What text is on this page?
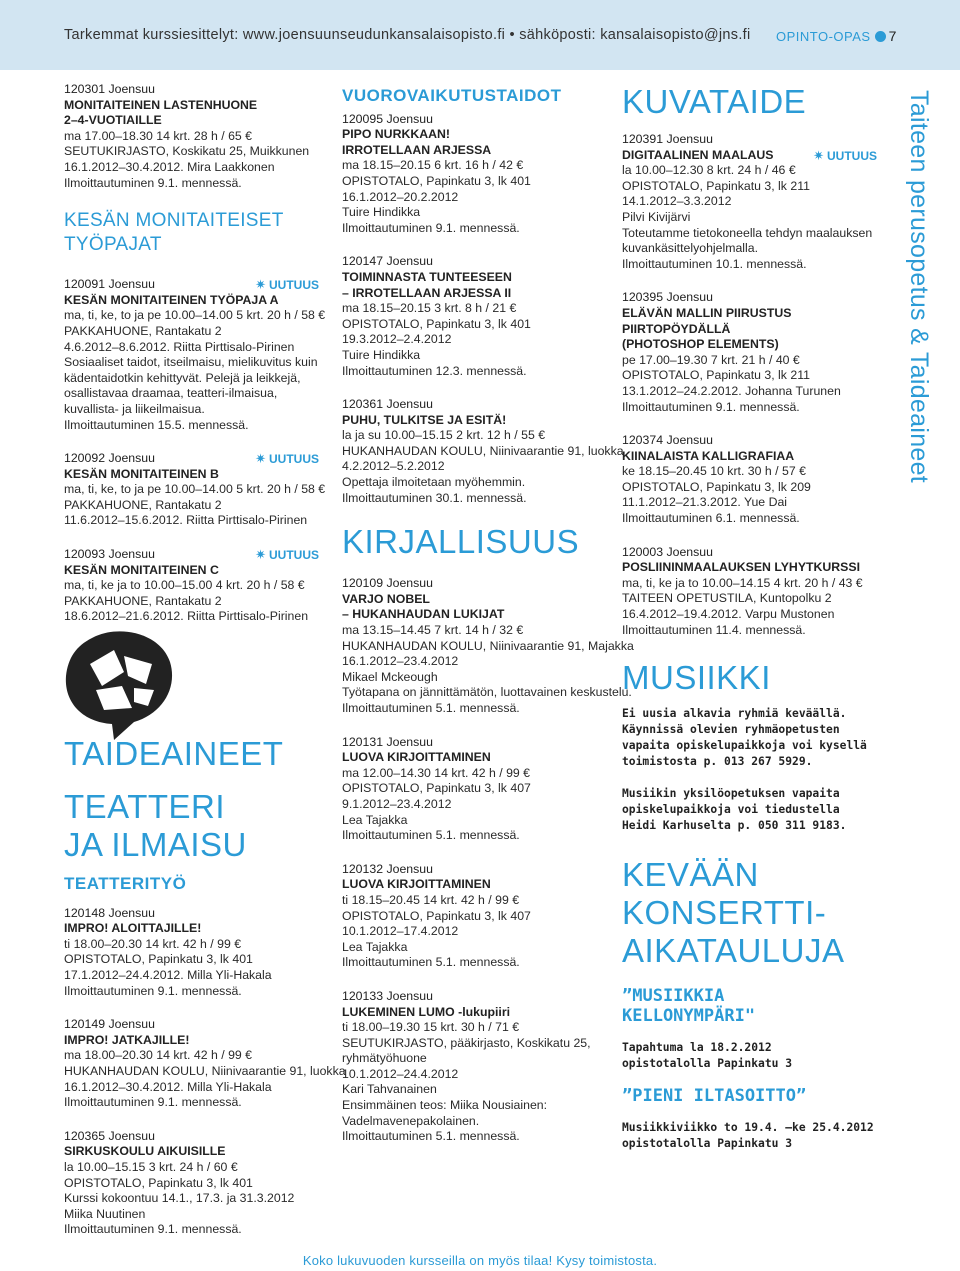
Tarkemmat kurssiesittelyt: www.joensuunseudunkansalaisopisto.fi • sähköposti: kansalaisopisto@jns.fi OPINTO-OPAS 7
120301 Joensuu
MONITAITEINEN LASTENHUONE
2–4-VUOTIAILLE
ma 17.00–18.30 14 krt. 28 h / 65 €
SEUTUKIRJASTO, Koskikatu 25, Muikkunen
16.1.2012–30.4.2012. Mira Laakkonen
Ilmoittautuminen 9.1. mennessä.
KESÄN MONITAITEISET TYÖPAJAT
120091 Joensuu	✷ UUTUUS
KESÄN MONITAITEINEN TYÖPAJA A
ma, ti, ke, to ja pe 10.00–14.00 5 krt. 20 h / 58 €
PAKKAHUONE, Rantakatu 2
4.6.2012–8.6.2012. Riitta Pirttisalo-Pirinen
Sosiaaliset taidot, itseilmaisu, mielikuvitus kuin kädentaidotkin kehittyvät. Pelejä ja leikkejä, osallistavaa draamaa, teatteri-ilmaisua, kuvallista- ja liikeilmaisua.
Ilmoittautuminen 15.5. mennessä.
120092 Joensuu	✷ UUTUUS
KESÄN MONITAITEINEN B
ma, ti, ke, to ja pe 10.00–14.00 5 krt. 20 h / 58 €
PAKKAHUONE, Rantakatu 2
11.6.2012–15.6.2012. Riitta Pirttisalo-Pirinen
120093 Joensuu	✷ UUTUUS
KESÄN MONITAITEINEN C
ma, ti, ke ja to 10.00–15.00 4 krt. 20 h / 58 €
PAKKAHUONE, Rantakatu 2
18.6.2012–21.6.2012. Riitta Pirttisalo-Pirinen
TAIDEAINEET
TEATTERI
JA ILMAISU
TEATTERITYÖ
120148 Joensuu
IMPRO! ALOITTAJILLE!
ti 18.00–20.30 14 krt. 42 h / 99 €
OPISTOTALO, Papinkatu 3, lk 401
17.1.2012–24.4.2012. Milla Yli-Hakala
Ilmoittautuminen 9.1. mennessä.
120149 Joensuu
IMPRO! JATKAJILLE!
ma 18.00–20.30 14 krt. 42 h / 99 €
HUKANHAUDAN KOULU, Niinivaarantie 91, luokka
16.1.2012–30.4.2012. Milla Yli-Hakala
Ilmoittautuminen 9.1. mennessä.
120365 Joensuu
SIRKUSKOULU AIKUISILLE
la 10.00–15.15 3 krt. 24 h / 60 €
OPISTOTALO, Papinkatu 3, lk 401
Kurssi kokoontuu 14.1., 17.3. ja 31.3.2012
Miika Nuutinen
Ilmoittautuminen 9.1. mennessä.
VUOROVAIKUTUSTAIDOT
120095 Joensuu
PIPO NURKKAAN!
IRROTELLAAN ARJESSA
ma 18.15–20.15 6 krt. 16 h / 42 €
OPISTOTALO, Papinkatu 3, lk 401
16.1.2012–20.2.2012
Tuire Hindikka
Ilmoittautuminen 9.1. mennessä.
120147 Joensuu
TOIMINNASTA TUNTEESEEN
– IRROTELLAAN ARJESSA II
ma 18.15–20.15 3 krt. 8 h / 21 €
OPISTOTALO, Papinkatu 3, lk 401
19.3.2012–2.4.2012
Tuire Hindikka
Ilmoittautuminen 12.3. mennessä.
120361 Joensuu
PUHU, TULKITSE JA ESITÄ!
la ja su 10.00–15.15 2 krt. 12 h / 55 €
HUKANHAUDAN KOULU, Niinivaarantie 91, luokka
4.2.2012–5.2.2012
Opettaja ilmoitetaan myöhemmin.
Ilmoittautuminen 30.1. mennessä.
KIRJALLISUUS
120109 Joensuu
VARJO NOBEL
– HUKANHAUDAN LUKIJAT
ma 13.15–14.45 7 krt. 14 h / 32 €
HUKANHAUDAN KOULU, Niinivaarantie 91, Majakka
16.1.2012–23.4.2012
Mikael Mckeough
Työtapana on jännittämätön, luottavainen keskustelu.
Ilmoittautuminen 5.1. mennessä.
120131 Joensuu
LUOVA KIRJOITTAMINEN
ma 12.00–14.30 14 krt. 42 h / 99 €
OPISTOTALO, Papinkatu 3, lk 407
9.1.2012–23.4.2012
Lea Tajakka
Ilmoittautuminen 5.1. mennessä.
120132 Joensuu
LUOVA KIRJOITTAMINEN
ti 18.15–20.45 14 krt. 42 h / 99 €
OPISTOTALO, Papinkatu 3, lk 407
10.1.2012–17.4.2012
Lea Tajakka
Ilmoittautuminen 5.1. mennessä.
120133 Joensuu
LUKEMINEN LUMO -lukupiiri
ti 18.00–19.30 15 krt. 30 h / 71 €
SEUTUKIRJASTO, pääkirjasto, Koskikatu 25,
ryhmätyöhuone
10.1.2012–24.4.2012
Kari Tahvanainen
Ensimmäinen teos: Miika Nousiainen:
Vadelmavenepakolainen.
Ilmoittautuminen 5.1. mennessä.
KUVATAIDE
120391 Joensuu
DIGITAALINEN MAALAUS	✷ UUTUUS
la 10.00–12.30 8 krt. 24 h / 46 €
OPISTOTALO, Papinkatu 3, lk 211
14.1.2012–3.3.2012
Pilvi Kivijärvi
Toteutamme tietokoneella tehdyn maalauksen kuvankäsittelyohjelmalla.
Ilmoittautuminen 10.1. mennessä.
120395 Joensuu
ELÄVÄN MALLIN PIIRUSTUS
PIIRTOPÖYDÄLLÄ
(PHOTOSHOP ELEMENTS)
pe 17.00–19.30 7 krt. 21 h / 40 €
OPISTOTALO, Papinkatu 3, lk 211
13.1.2012–24.2.2012. Johanna Turunen
Ilmoittautuminen 9.1. mennessä.
120374 Joensuu
KIINALAISTA KALLIGRAFIAA
ke 18.15–20.45 10 krt. 30 h / 57 €
OPISTOTALO, Papinkatu 3, lk 209
11.1.2012–21.3.2012. Yue Dai
Ilmoittautuminen 6.1. mennessä.
120003 Joensuu
POSLIININMAALAUKSEN LYHYTKURSSI
ma, ti, ke ja to 10.00–14.15 4 krt. 20 h / 43 €
TAITEEN OPETUSTILA, Kuntopolku 2
16.4.2012–19.4.2012. Varpu Mustonen
Ilmoittautuminen 11.4. mennessä.
MUSIIKKI
Ei uusia alkavia ryhmiä keväällä.
Käynnissä olevien ryhmäopetusten
vapaita opiskelupaikkoja voi kysellä
toimistosta p. 013 267 5929.
Musiikin yksilöopetuksen vapaita
opiskelupaikkoja voi tiedustella
Heidi Karhuselta p. 050 311 9183.
KEVÄÄN
KONSERTTI-
AIKATAULUJA
”MUSIIKKIA
KELLONYMPÄRI"
Tapahtuma la 18.2.2012
opistotalolla Papinkatu 3
”PIENI ILTASOITTO”
Musiikkiviikko to 19.4. –ke 25.4.2012
opistotalolla Papinkatu 3
Taiteen perusopetus & Taideaineet
Koko lukuvuoden kursseilla on myös tilaa! Kysy toimistosta.
